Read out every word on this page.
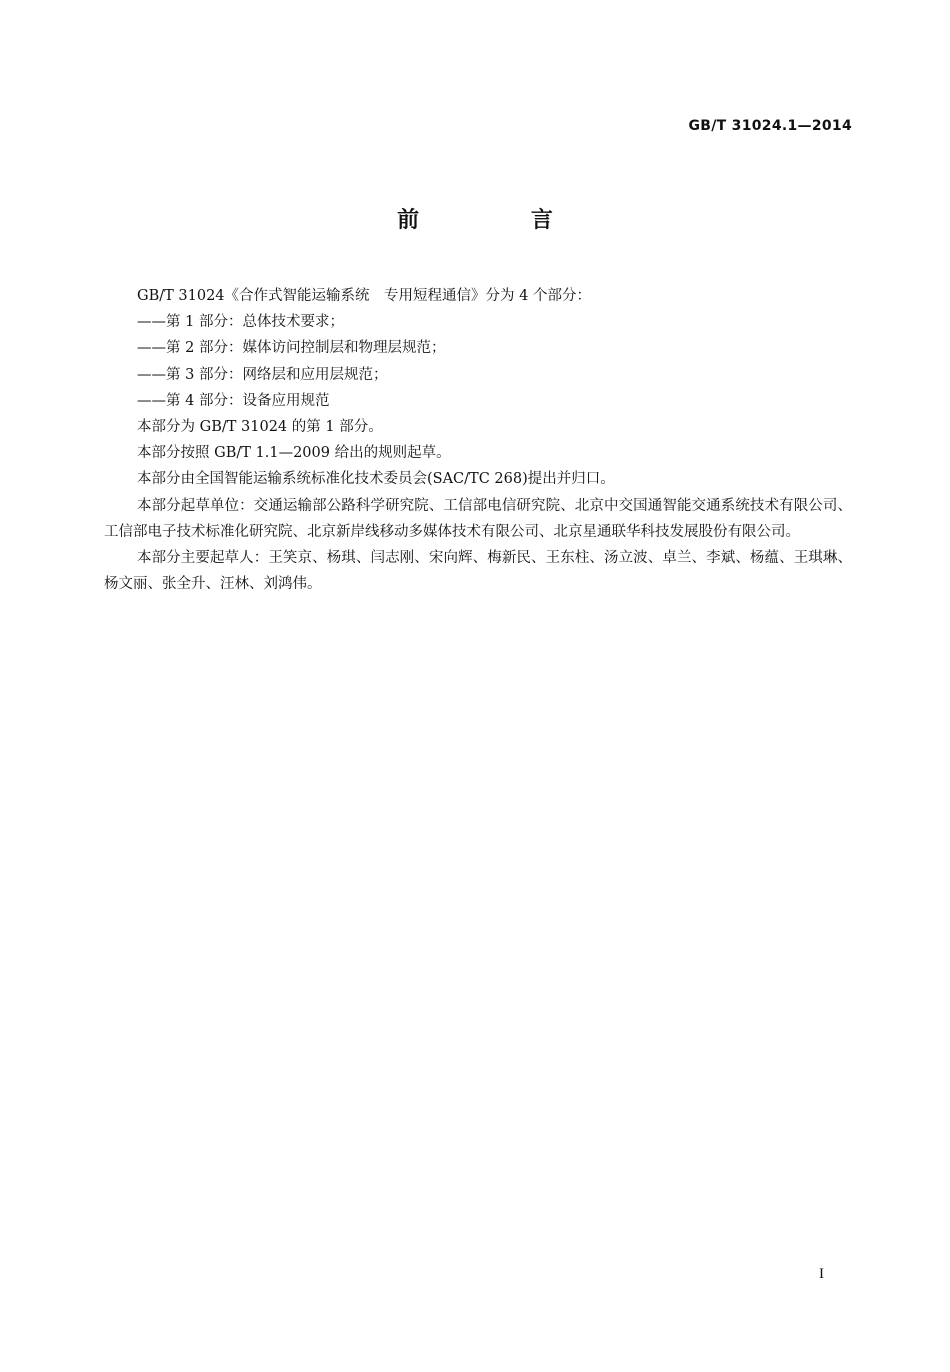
GB/T 31024.1—2014
前 言

GB/T 31024《合作式智能运输系统　专用短程通信》分为 4 个部分：

——第 1 部分：总体技术要求；

——第 2 部分：媒体访问控制层和物理层规范；

——第 3 部分：网络层和应用层规范；

——第 4 部分：设备应用规范

本部分为 GB/T 31024 的第 1 部分。

本部分按照 GB/T 1.1—2009 给出的规则起草。

本部分由全国智能运输系统标准化技术委员会(SAC/TC 268)提出并归口。

本部分起草单位：交通运输部公路科学研究院、工信部电信研究院、北京中交国通智能交通系统技术有限公司、工信部电子技术标准化研究院、北京新岸线移动多媒体技术有限公司、北京星通联华科技发展股份有限公司。

本部分主要起草人：王笑京、杨琪、闫志刚、宋向辉、梅新民、王东柱、汤立波、卓兰、李斌、杨蕴、王琪琳、杨文丽、张全升、汪林、刘鸿伟。

I
